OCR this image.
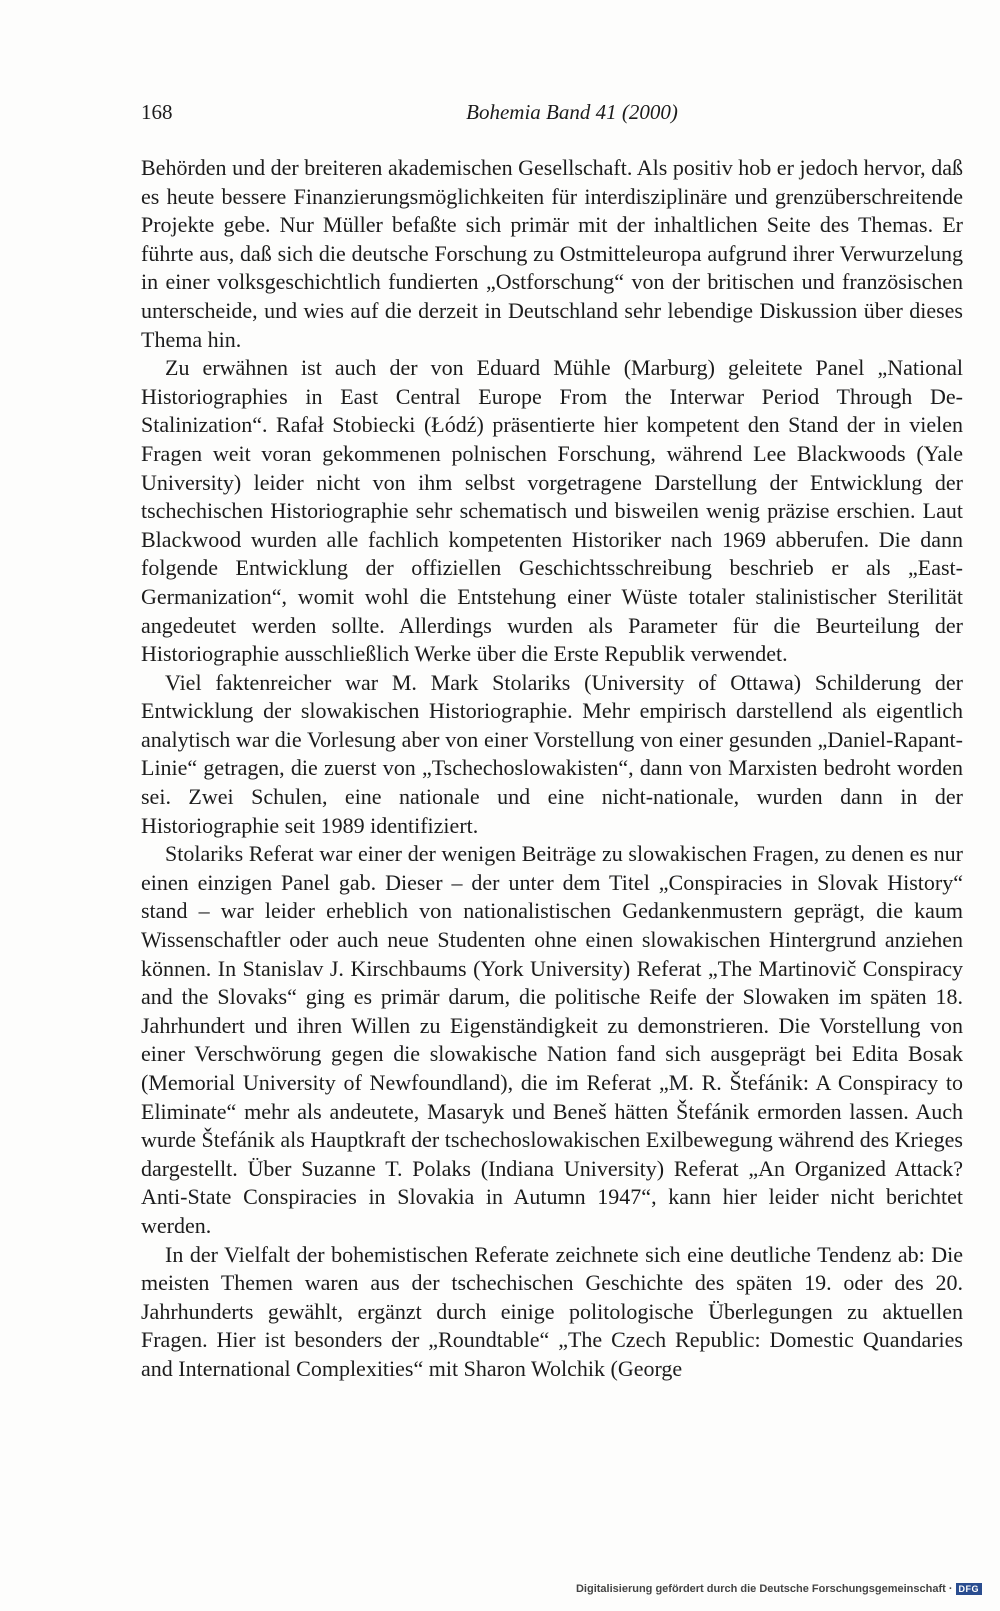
168	Bohemia Band 41 (2000)

Behörden und der breiteren akademischen Gesellschaft. Als positiv hob er jedoch hervor, daß es heute bessere Finanzierungsmöglichkeiten für interdisziplinäre und grenzüberschreitende Projekte gebe. Nur Müller befaßte sich primär mit der inhaltlichen Seite des Themas. Er führte aus, daß sich die deutsche Forschung zu Ostmitteleuropa aufgrund ihrer Verwurzelung in einer volksgeschichtlich fundierten „Ostforschung“ von der britischen und französischen unterscheide, und wies auf die derzeit in Deutschland sehr lebendige Diskussion über dieses Thema hin.

Zu erwähnen ist auch der von Eduard Mühle (Marburg) geleitete Panel „National Historiographies in East Central Europe From the Interwar Period Through De-Stalinization“. Rafał Stobiecki (Łódź) präsentierte hier kompetent den Stand der in vielen Fragen weit voran gekommenen polnischen Forschung, während Lee Blackwoods (Yale University) leider nicht von ihm selbst vorgetragene Darstellung der Entwicklung der tschechischen Historiographie sehr schematisch und bisweilen wenig präzise erschien. Laut Blackwood wurden alle fachlich kompetenten Historiker nach 1969 abberufen. Die dann folgende Entwicklung der offiziellen Geschichtsschreibung beschrieb er als „East-Germanization“, womit wohl die Entstehung einer Wüste totaler stalinistischer Sterilität angedeutet werden sollte. Allerdings wurden als Parameter für die Beurteilung der Historiographie ausschließlich Werke über die Erste Republik verwendet.

Viel faktenreicher war M. Mark Stolariks (University of Ottawa) Schilderung der Entwicklung der slowakischen Historiographie. Mehr empirisch darstellend als eigentlich analytisch war die Vorlesung aber von einer Vorstellung von einer gesunden „Daniel-Rapant-Linie“ getragen, die zuerst von „Tschechoslowakisten“, dann von Marxisten bedroht worden sei. Zwei Schulen, eine nationale und eine nicht-nationale, wurden dann in der Historiographie seit 1989 identifiziert.

Stolariks Referat war einer der wenigen Beiträge zu slowakischen Fragen, zu denen es nur einen einzigen Panel gab. Dieser – der unter dem Titel „Conspiracies in Slovak History“ stand – war leider erheblich von nationalistischen Gedankenmustern geprägt, die kaum Wissenschaftler oder auch neue Studenten ohne einen slowakischen Hintergrund anziehen können. In Stanislav J. Kirschbaums (York University) Referat „The Martinovič Conspiracy and the Slovaks“ ging es primär darum, die politische Reife der Slowaken im späten 18. Jahrhundert und ihren Willen zu Eigenständigkeit zu demonstrieren. Die Vorstellung von einer Verschwörung gegen die slowakische Nation fand sich ausgeprägt bei Edita Bosak (Memorial University of Newfoundland), die im Referat „M. R. Štefánik: A Conspiracy to Eliminate“ mehr als andeutete, Masaryk und Beneš hätten Štefánik ermorden lassen. Auch wurde Štefánik als Hauptkraft der tschechoslowakischen Exilbewegung während des Krieges dargestellt. Über Suzanne T. Polaks (Indiana University) Referat „An Organized Attack? Anti-State Conspiracies in Slovakia in Autumn 1947“, kann hier leider nicht berichtet werden.

In der Vielfalt der bohemistischen Referate zeichnete sich eine deutliche Tendenz ab: Die meisten Themen waren aus der tschechischen Geschichte des späten 19. oder des 20. Jahrhunderts gewählt, ergänzt durch einige politologische Überlegungen zu aktuellen Fragen. Hier ist besonders der „Roundtable“ „The Czech Republic: Domestic Quandaries and International Complexities“ mit Sharon Wolchik (George

Digitalisierung gefördert durch die Deutsche Forschungsgemeinschaft · DFG
